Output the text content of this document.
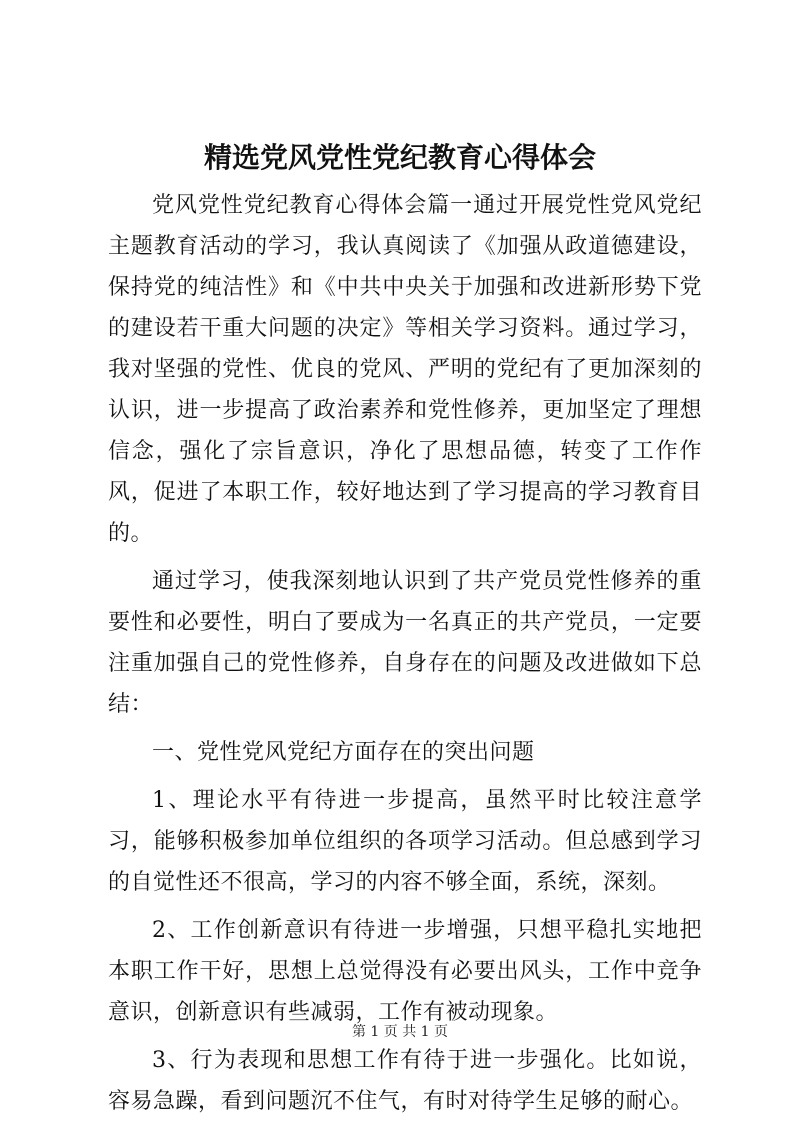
精选党风党性党纪教育心得体会

党风党性党纪教育心得体会篇一通过开展党性党风党纪主题教育活动的学习，我认真阅读了《加强从政道德建设，保持党的纯洁性》和《中共中央关于加强和改进新形势下党的建设若干重大问题的决定》等相关学习资料。通过学习，我对坚强的党性、优良的党风、严明的党纪有了更加深刻的认识，进一步提高了政治素养和党性修养，更加坚定了理想信念，强化了宗旨意识，净化了思想品德，转变了工作作风，促进了本职工作，较好地达到了学习提高的学习教育目的。

通过学习，使我深刻地认识到了共产党员党性修养的重要性和必要性，明白了要成为一名真正的共产党员，一定要注重加强自己的党性修养，自身存在的问题及改进做如下总结：

一、党性党风党纪方面存在的突出问题

1、理论水平有待进一步提高，虽然平时比较注意学习，能够积极参加单位组织的各项学习活动。但总感到学习的自觉性还不很高，学习的内容不够全面，系统，深刻。

2、工作创新意识有待进一步增强，只想平稳扎实地把本职工作干好，思想上总觉得没有必要出风头，工作中竞争意识，创新意识有些减弱，工作有被动现象。

3、行为表现和思想工作有待于进一步强化。比如说，容易急躁，看到问题沉不住气，有时对待学生足够的耐心。

第 1 页 共 1 页
